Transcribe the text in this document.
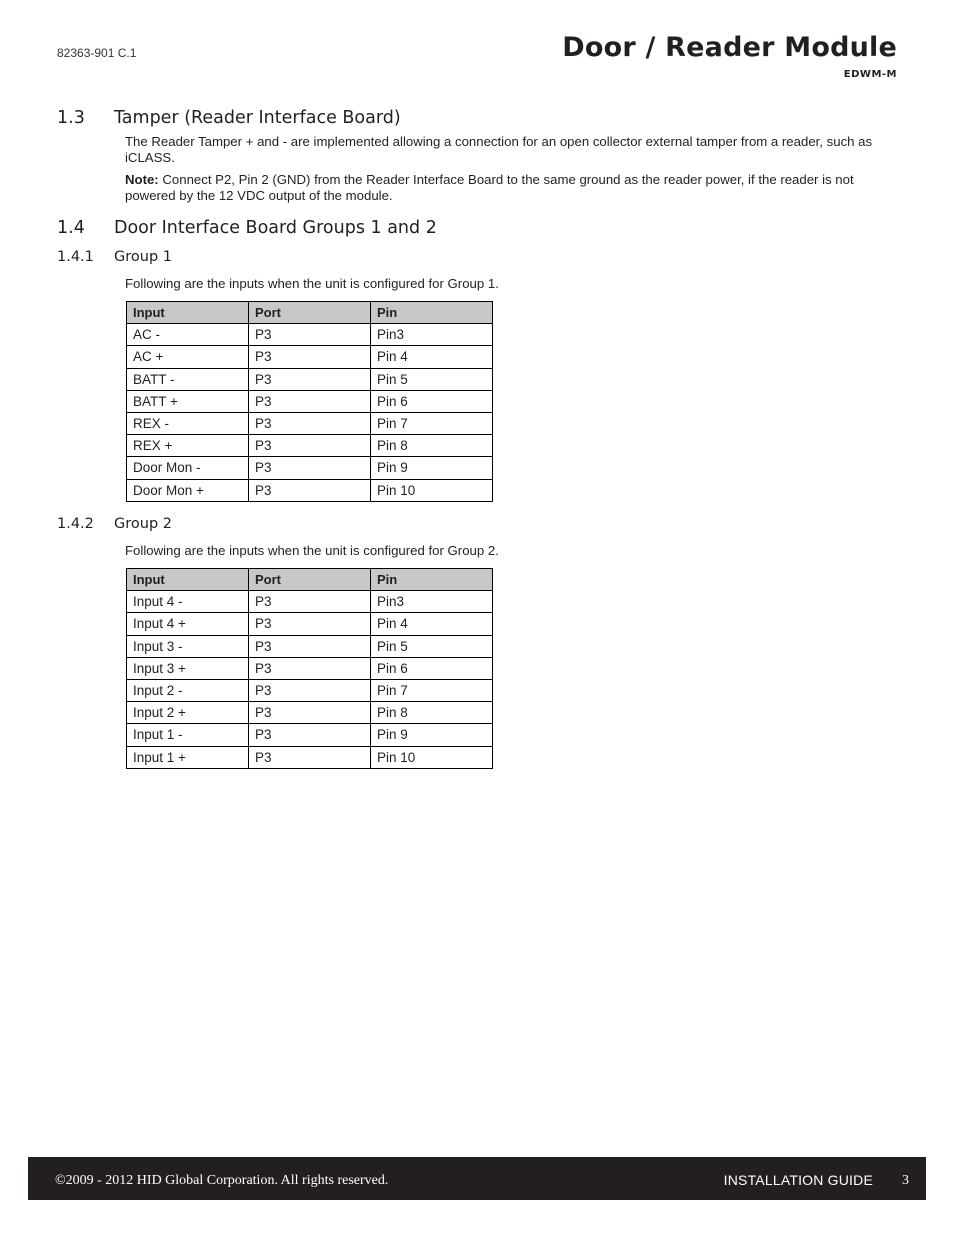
82363-901 C.1	Door / Reader Module
EDWM-M
1.3 Tamper (Reader Interface Board)
The Reader Tamper + and - are implemented allowing a connection for an open collector external tamper from a reader, such as iCLASS.
Note: Connect P2, Pin 2 (GND) from the Reader Interface Board to the same ground as the reader power, if the reader is not powered by the 12 VDC output of the module.
1.4 Door Interface Board Groups 1 and 2
1.4.1 Group 1
Following are the inputs when the unit is configured for Group 1.
Input	Port	Pin
AC -	P3	Pin3
AC +	P3	Pin 4
BATT -	P3	Pin 5
BATT +	P3	Pin 6
REX -	P3	Pin 7
REX +	P3	Pin 8
Door Mon -	P3	Pin 9
Door Mon +	P3	Pin 10
1.4.2 Group 2
Following are the inputs when the unit is configured for Group 2.
Input	Port	Pin
Input 4 -	P3	Pin3
Input 4 +	P3	Pin 4
Input 3 -	P3	Pin 5
Input 3 +	P3	Pin 6
Input 2 -	P3	Pin 7
Input 2 +	P3	Pin 8
Input 1 -	P3	Pin 9
Input 1 +	P3	Pin 10
©2009 - 2012 HID Global Corporation. All rights reserved.	INSTALLATION GUIDE 3
